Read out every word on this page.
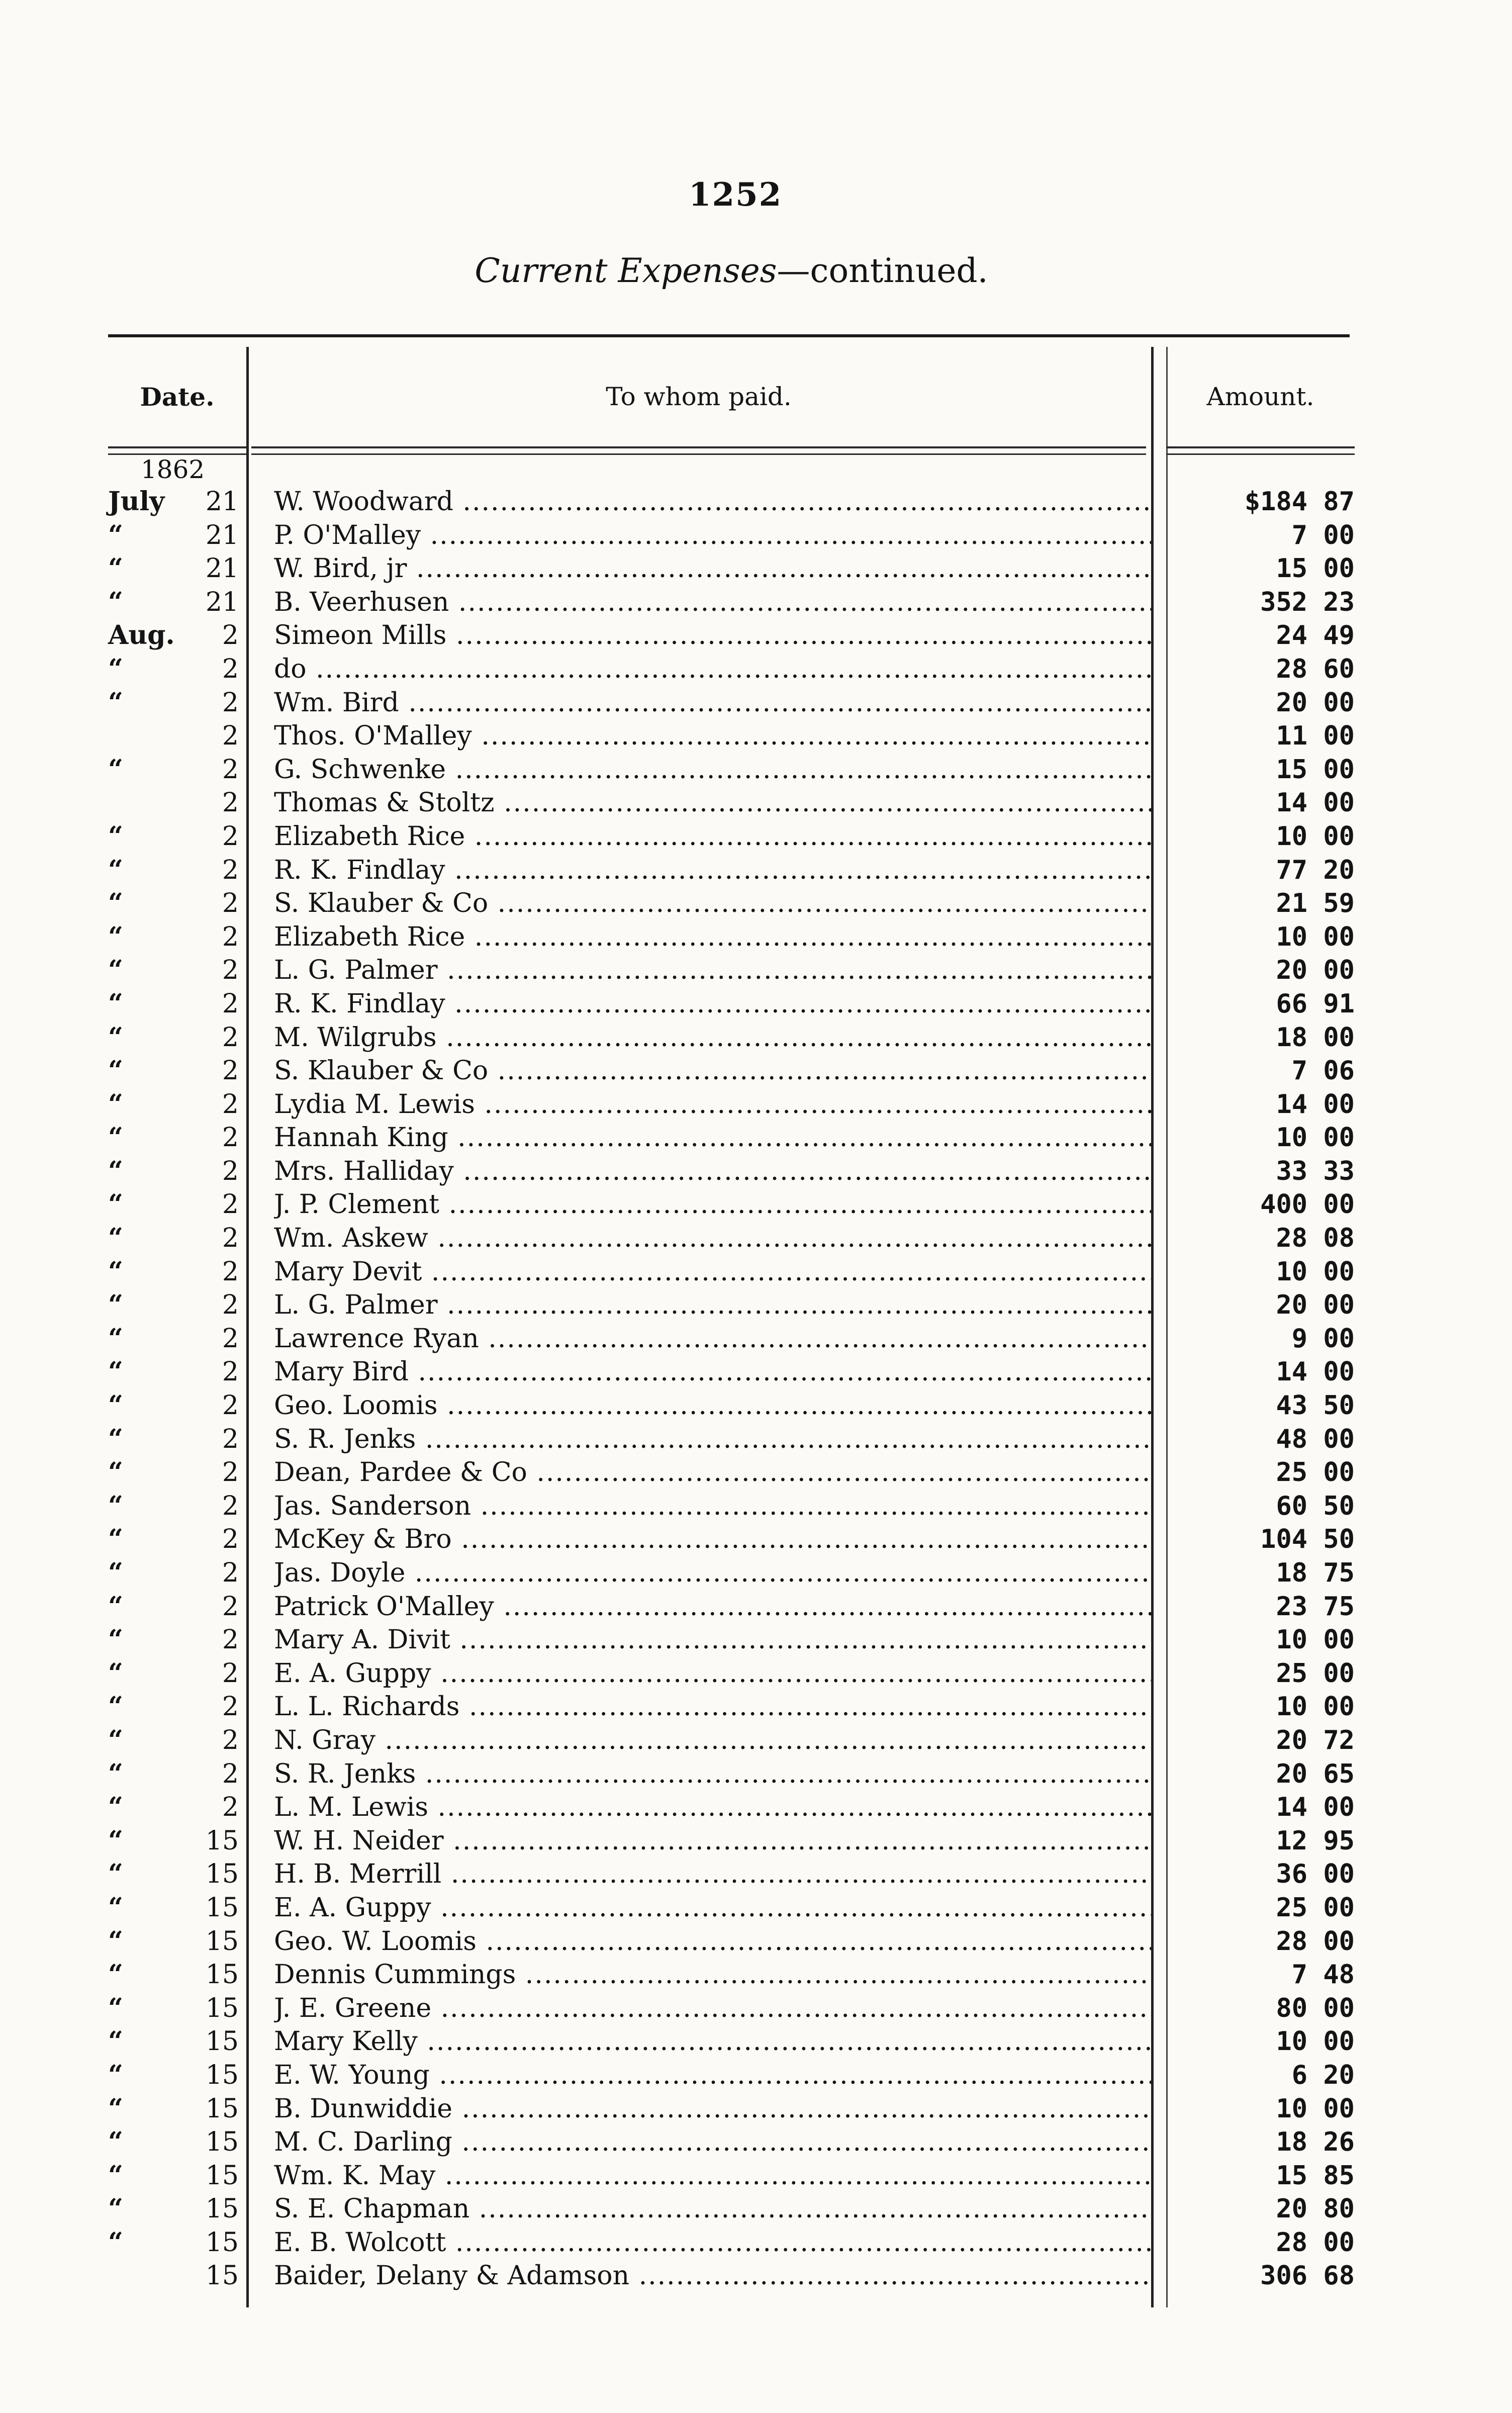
1252
Current Expenses—continued.
Date.	To whom paid.	Amount.
1862
July	21 W. Woodward .....	$184 87
“	21 P. O'Malley .....	7 00
“	21 W. Bird, jr .....	15 00
“	21 B. Veerhusen .....	352 23
Aug.	2 Simeon Mills .....	24 49
“	2 do .....	28 60
“	2 Wm. Bird .....	20 00
2 Thos. O'Malley .....	11 00
“	2 G. Schwenke .....	15 00
2 Thomas & Stoltz .....	14 00
“	2 Elizabeth Rice .....	10 00
“	2 R. K. Findlay .....	77 20
“	2 S. Klauber & Co .....	21 59
“	2 Elizabeth Rice .....	10 00
“	2 L. G. Palmer .....	20 00
“	2 R. K. Findlay .....	66 91
“	2 M. Wilgrubs .....	18 00
“	2 S. Klauber & Co .....	7 06
“	2 Lydia M. Lewis .....	14 00
“	2 Hannah King .....	10 00
“	2 Mrs. Halliday .....	33 33
“	2 J. P. Clement .....	400 00
“	2 Wm. Askew .....	28 08
“	2 Mary Devit .....	10 00
“	2 L. G. Palmer .....	20 00
“	2 Lawrence Ryan .....	9 00
“	2 Mary Bird .....	14 00
“	2 Geo. Loomis .....	43 50
“	2 S. R. Jenks .....	48 00
“	2 Dean, Pardee & Co .....	25 00
“	2 Jas. Sanderson .....	60 50
“	2 McKey & Bro .....	104 50
“	2 Jas. Doyle .....	18 75
“	2 Patrick O'Malley .....	23 75
“	2 Mary A. Divit .....	10 00
“	2 E. A. Guppy .....	25 00
“	2 L. L. Richards .....	10 00
“	2 N. Gray .....	20 72
“	2 S. R. Jenks .....	20 65
“	2 L. M. Lewis .....	14 00
“	15 W. H. Neider .....	12 95
“	15 H. B. Merrill .....	36 00
“	15 E. A. Guppy .....	25 00
“	15 Geo. W. Loomis .....	28 00
“	15 Dennis Cummings .....	7 48
“	15 J. E. Greene .....	80 00
“	15 Mary Kelly .....	10 00
“	15 E. W. Young .....	6 20
“	15 B. Dunwiddie .....	10 00
“	15 M. C. Darling .....	18 26
“	15 Wm. K. May .....	15 85
“	15 S. E. Chapman .....	20 80
“	15 E. B. Wolcott .....	28 00
15 Baider, Delany & Adamson .....	306 68
